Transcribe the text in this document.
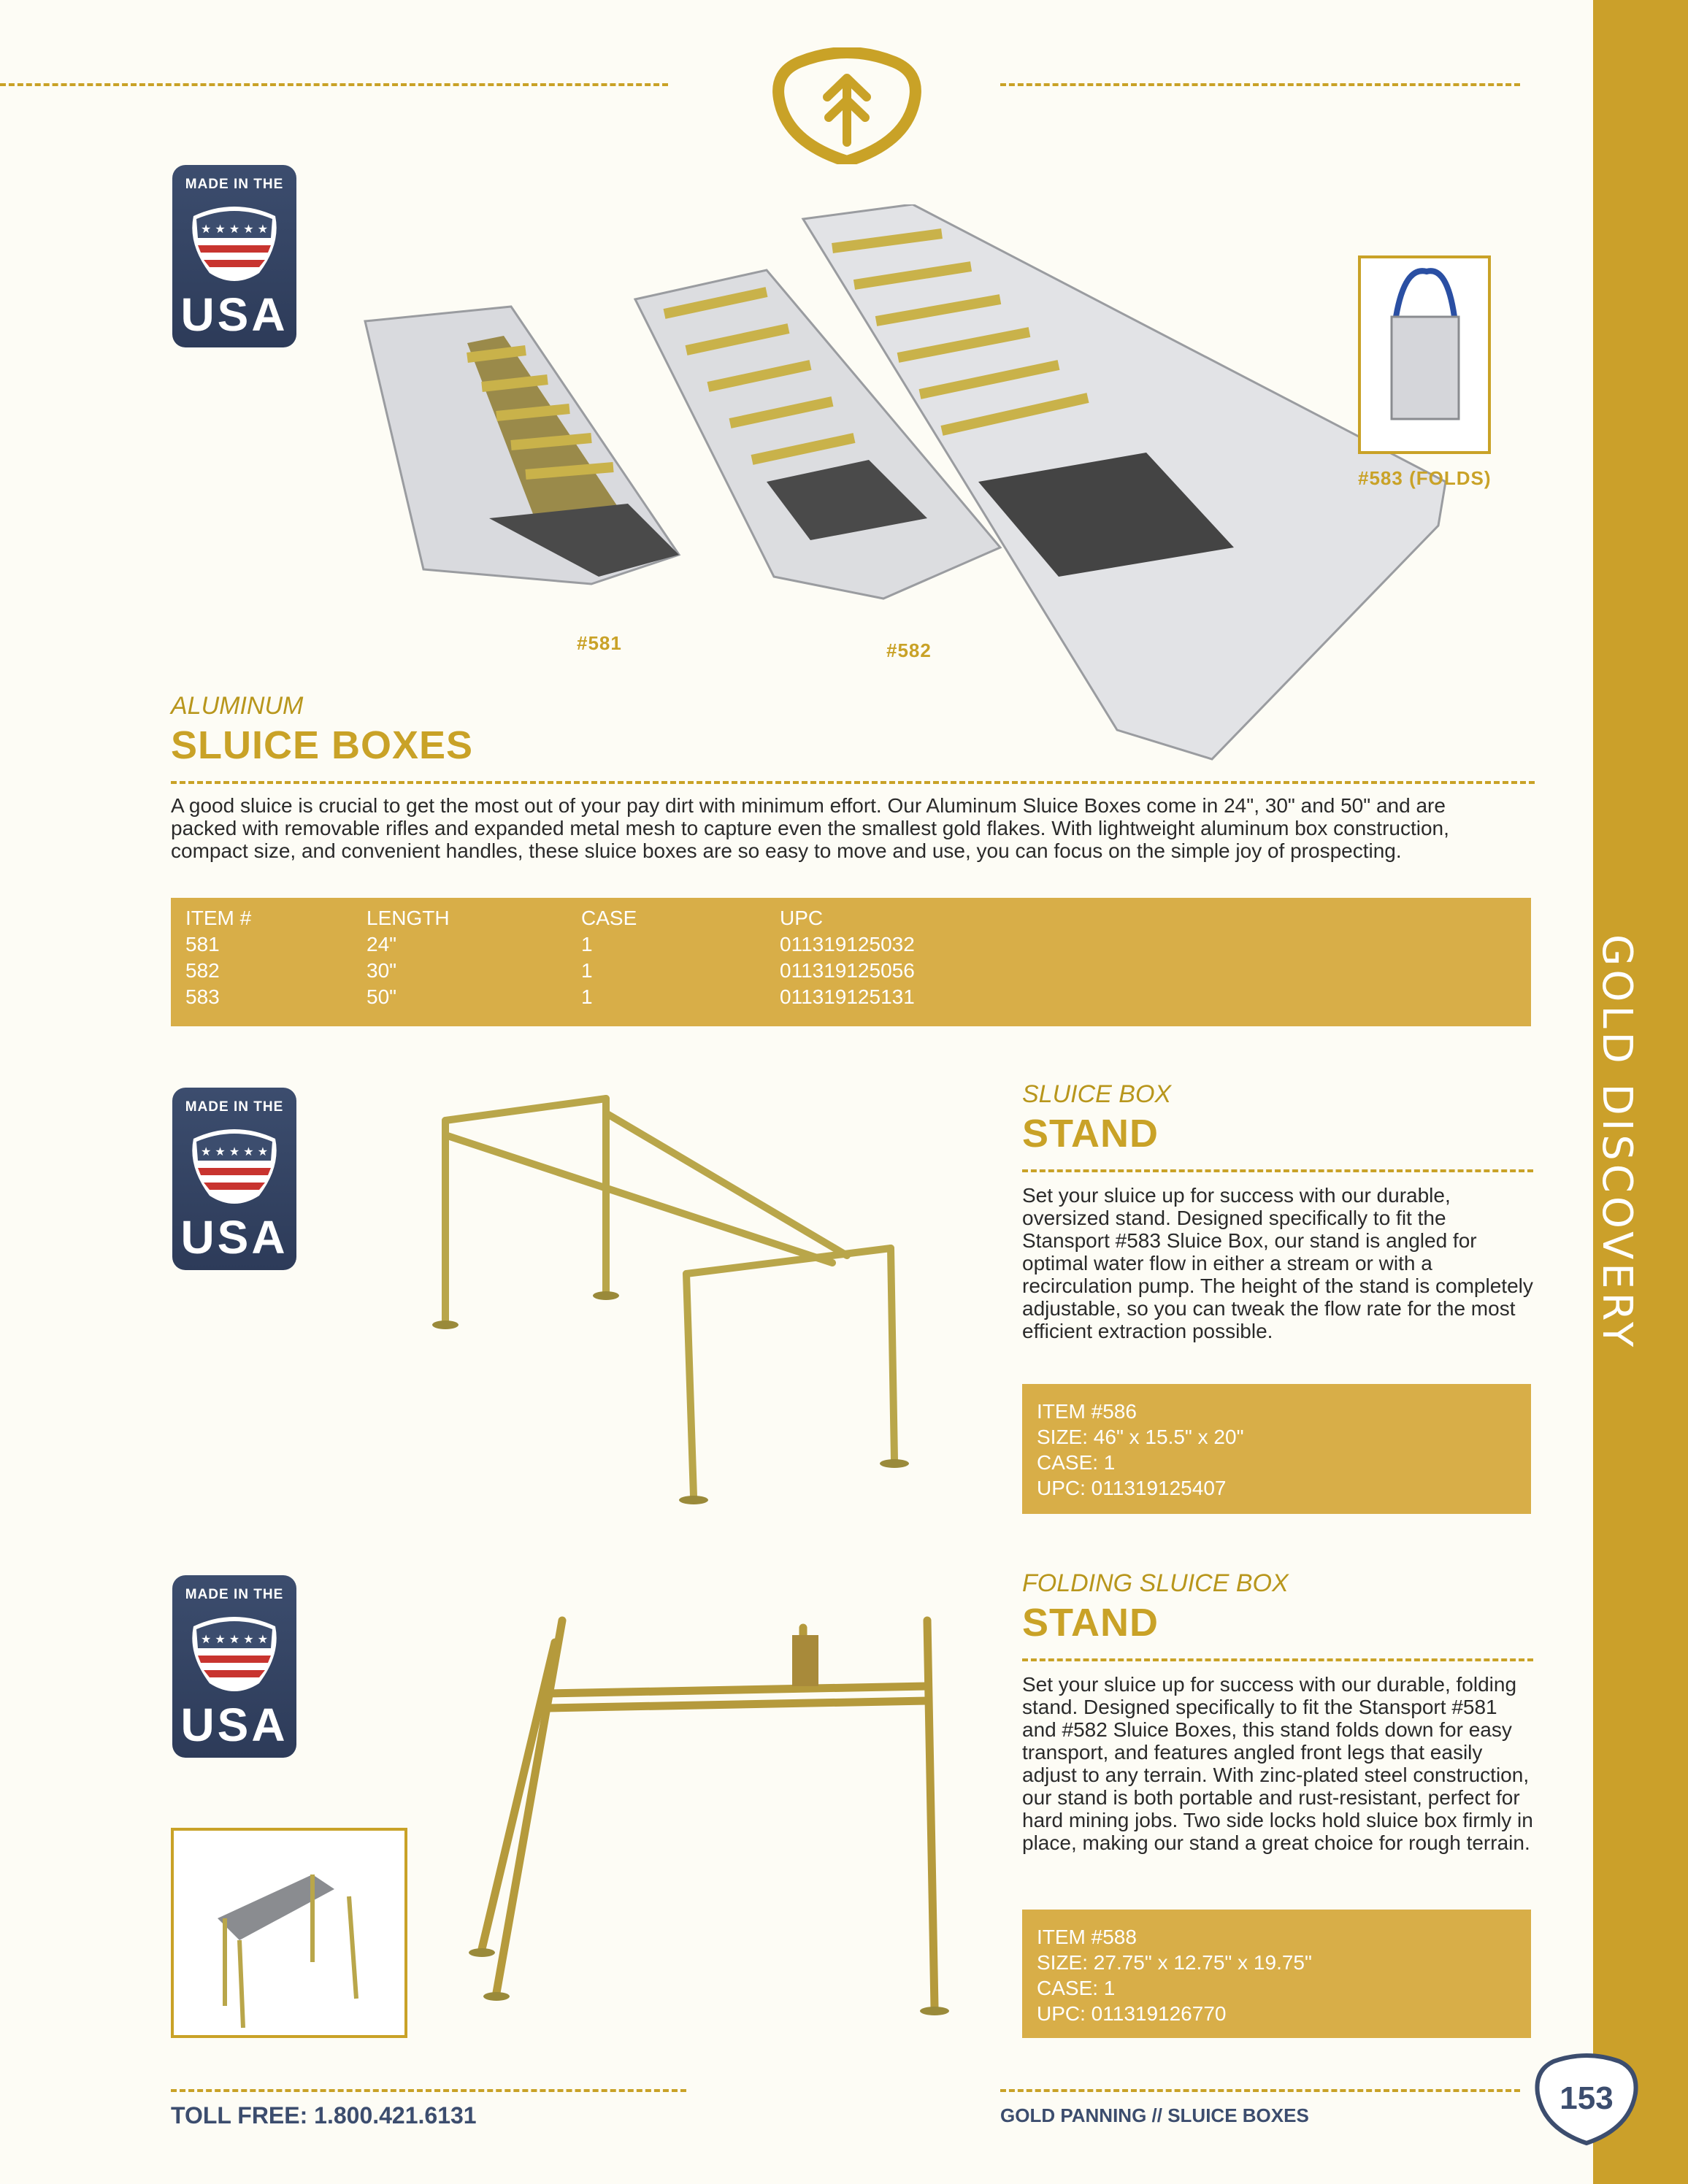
GOLD DISCOVERY
MADE IN THE
★ ★ ★ ★ ★
USA
#583 (FOLDS)
#581	#582
ALUMINUM
SLUICE BOXES
A good sluice is crucial to get the most out of your pay dirt with minimum effort. Our Aluminum Sluice Boxes come in 24", 30" and 50" and are packed with removable rifles and expanded metal mesh to capture even the smallest gold flakes. With lightweight aluminum box construction, compact size, and convenient handles, these sluice boxes are so easy to move and use, you can focus on the simple joy of prospecting.
ITEM #	LENGTH	CASE	UPC
581	24"	1	011319125032
582	30"	1	011319125056
583	50"	1	011319125131
MADE IN THE
★ ★ ★ ★ ★
USA
SLUICE BOX
STAND
Set your sluice up for success with our durable, oversized stand. Designed specifically to fit the Stansport #583 Sluice Box, our stand is angled for optimal water flow in either a stream or with a recirculation pump. The height of the stand is completely adjustable, so you can tweak the flow rate for the most efficient extraction possible.
ITEM #586
SIZE: 46" x 15.5" x 20"
CASE: 1
UPC: 011319125407
MADE IN THE
★ ★ ★ ★ ★
USA
FOLDING SLUICE BOX
STAND
Set your sluice up for success with our durable, folding stand. Designed specifically to fit the Stansport #581 and #582 Sluice Boxes, this stand folds down for easy transport, and features angled front legs that easily adjust to any terrain. With zinc-plated steel construction, our stand is both portable and rust-resistant, perfect for hard mining jobs. Two side locks hold sluice box firmly in place, making our stand a great choice for rough terrain.
ITEM #588
SIZE: 27.75" x 12.75" x 19.75"
CASE: 1
UPC: 011319126770
TOLL FREE: 1.800.421.6131	GOLD PANNING // SLUICE BOXES	153
